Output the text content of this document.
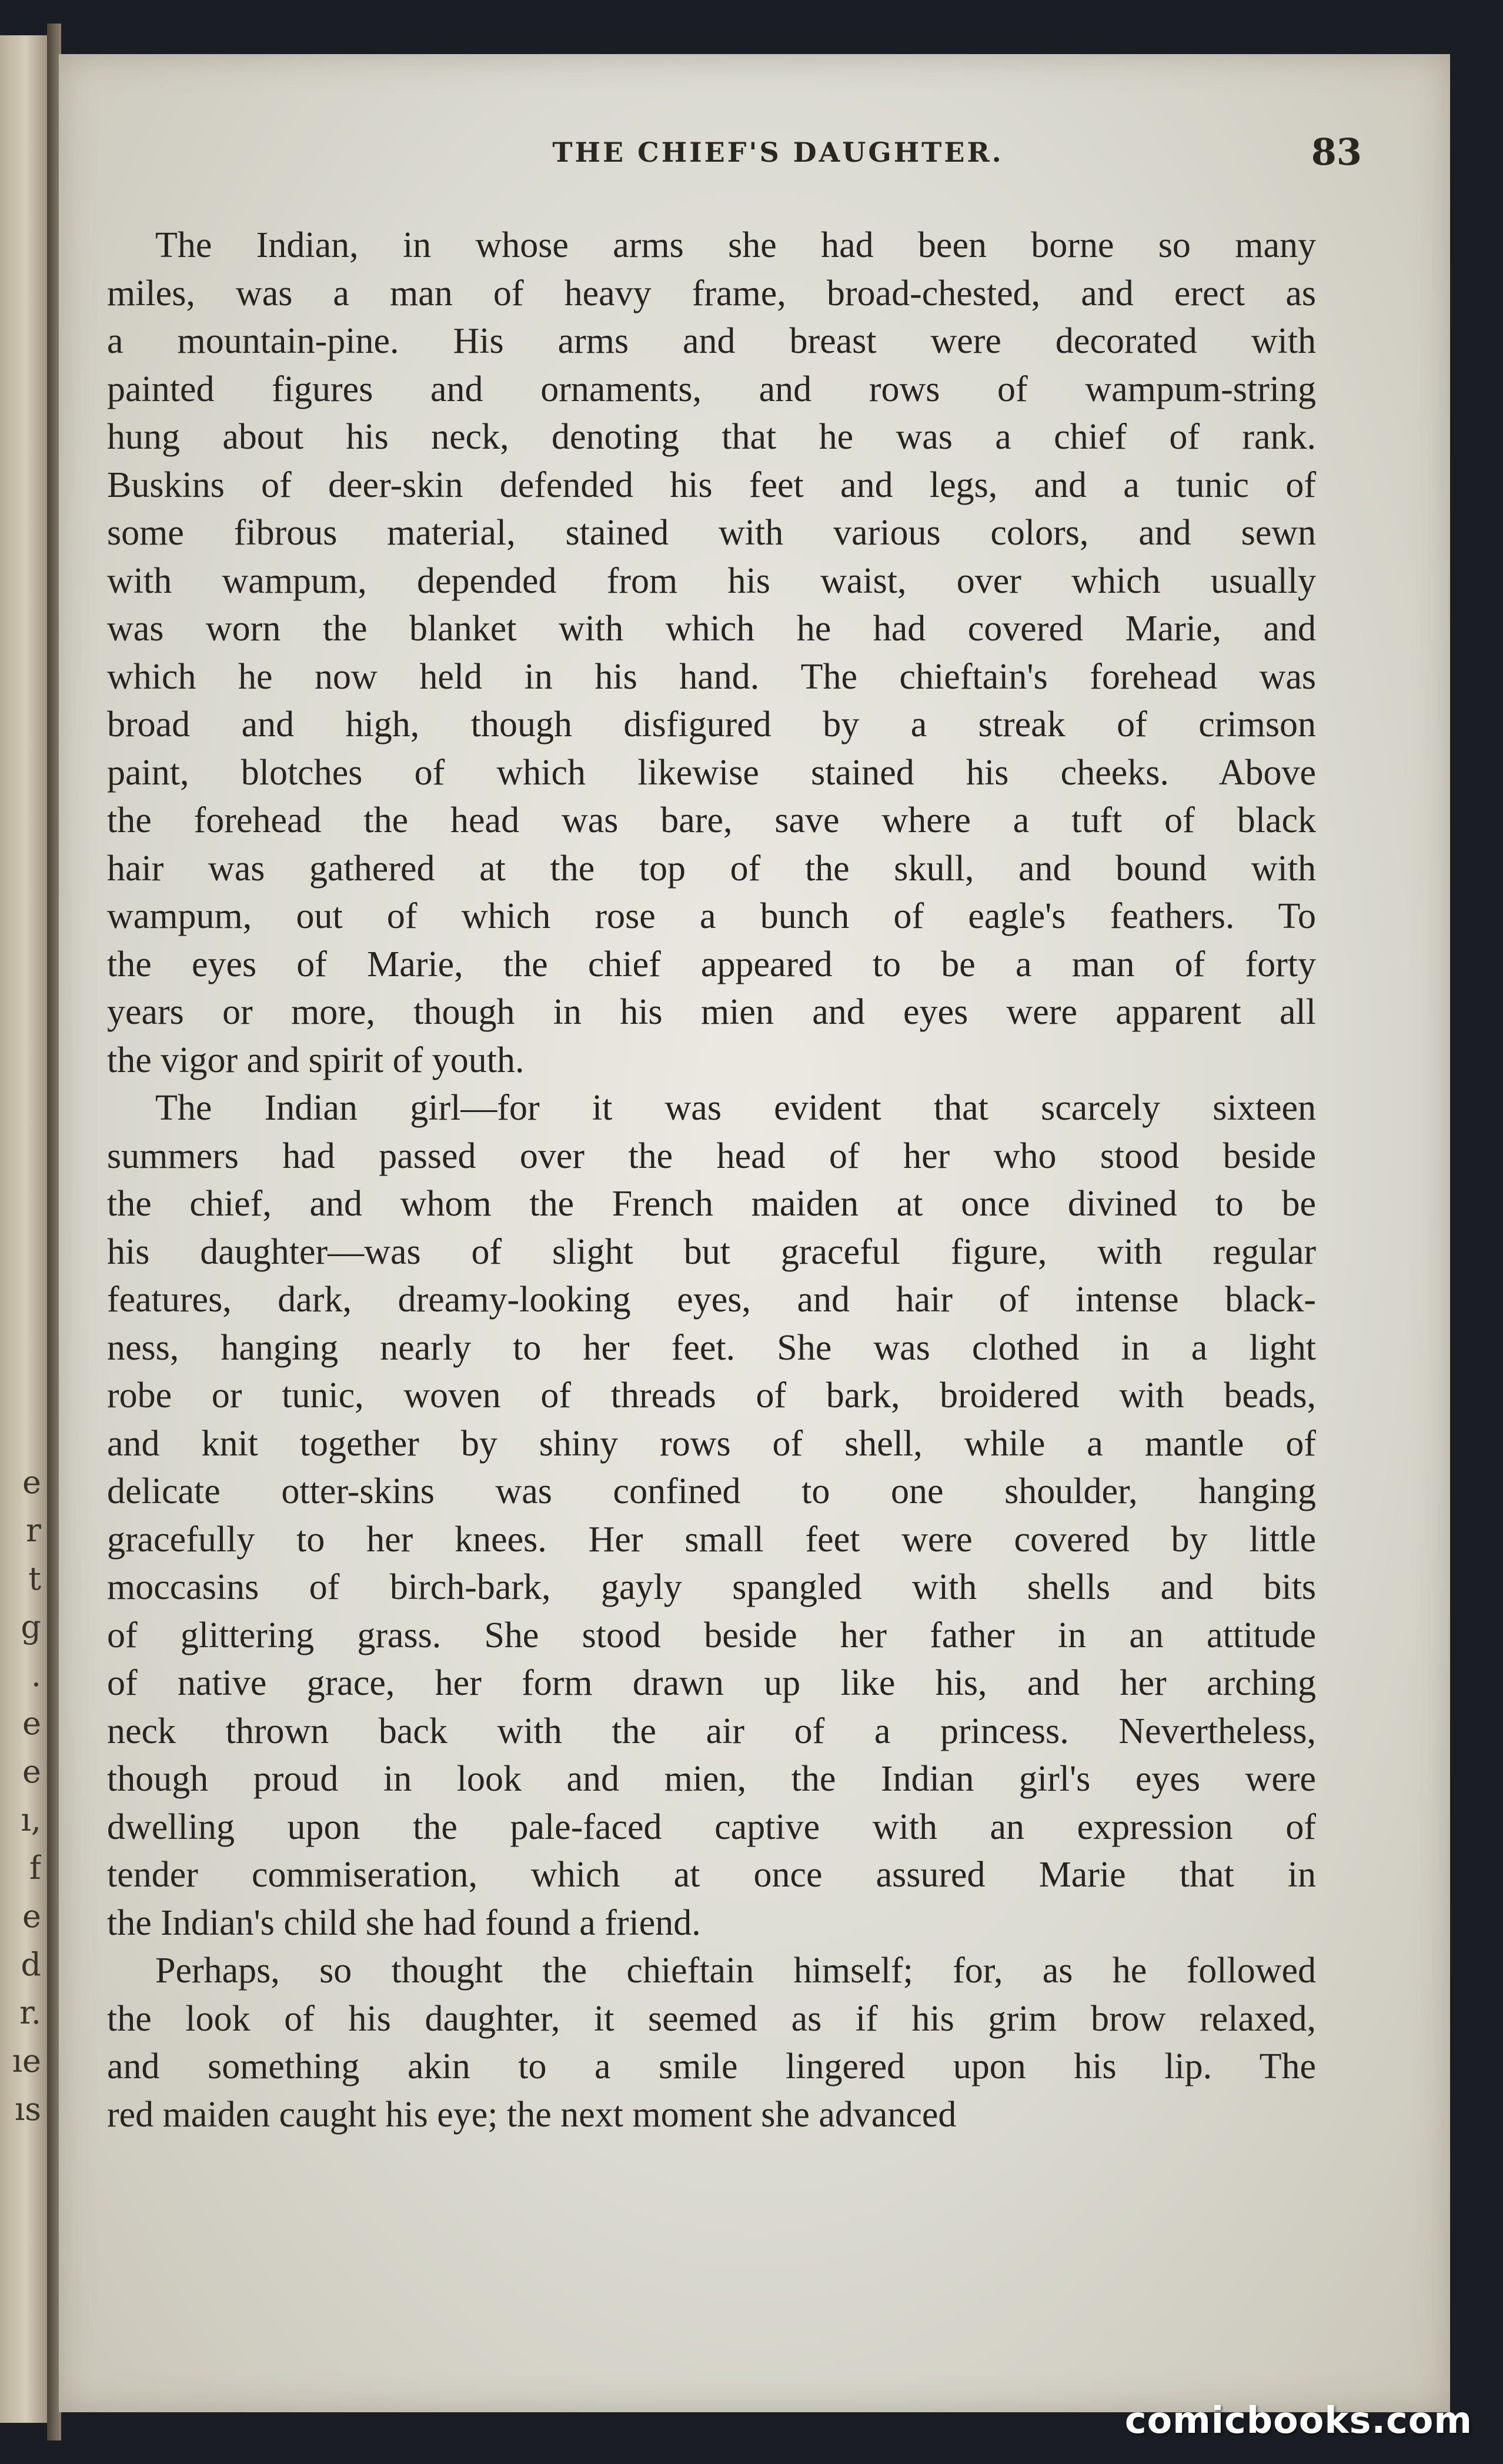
e
r
t
g
.
e
e
ı,
f
e
d
r.
ıe
ıs
THE CHIEF'S DAUGHTER.	83
The Indian, in whose arms she had been borne so many
miles, was a man of heavy frame, broad-chested, and erect as
a mountain-pine. His arms and breast were decorated with
painted figures and ornaments, and rows of wampum-string
hung about his neck, denoting that he was a chief of rank.
Buskins of deer-skin defended his feet and legs, and a tunic of
some fibrous material, stained with various colors, and sewn
with wampum, depended from his waist, over which usually
was worn the blanket with which he had covered Marie, and
which he now held in his hand. The chieftain's forehead was
broad and high, though disfigured by a streak of crimson
paint, blotches of which likewise stained his cheeks. Above
the forehead the head was bare, save where a tuft of black
hair was gathered at the top of the skull, and bound with
wampum, out of which rose a bunch of eagle's feathers. To
the eyes of Marie, the chief appeared to be a man of forty
years or more, though in his mien and eyes were apparent all
the vigor and spirit of youth.
The Indian girl—for it was evident that scarcely sixteen
summers had passed over the head of her who stood beside
the chief, and whom the French maiden at once divined to be
his daughter—was of slight but graceful figure, with regular
features, dark, dreamy-looking eyes, and hair of intense black-
ness, hanging nearly to her feet. She was clothed in a light
robe or tunic, woven of threads of bark, broidered with beads,
and knit together by shiny rows of shell, while a mantle of
delicate otter-skins was confined to one shoulder, hanging
gracefully to her knees. Her small feet were covered by little
moccasins of birch-bark, gayly spangled with shells and bits
of glittering grass. She stood beside her father in an attitude
of native grace, her form drawn up like his, and her arching
neck thrown back with the air of a princess. Nevertheless,
though proud in look and mien, the Indian girl's eyes were
dwelling upon the pale-faced captive with an expression of
tender commiseration, which at once assured Marie that in
the Indian's child she had found a friend.
Perhaps, so thought the chieftain himself; for, as he followed
the look of his daughter, it seemed as if his grim brow relaxed,
and something akin to a smile lingered upon his lip. The
red maiden caught his eye; the next moment she advanced
comicbooks.com
